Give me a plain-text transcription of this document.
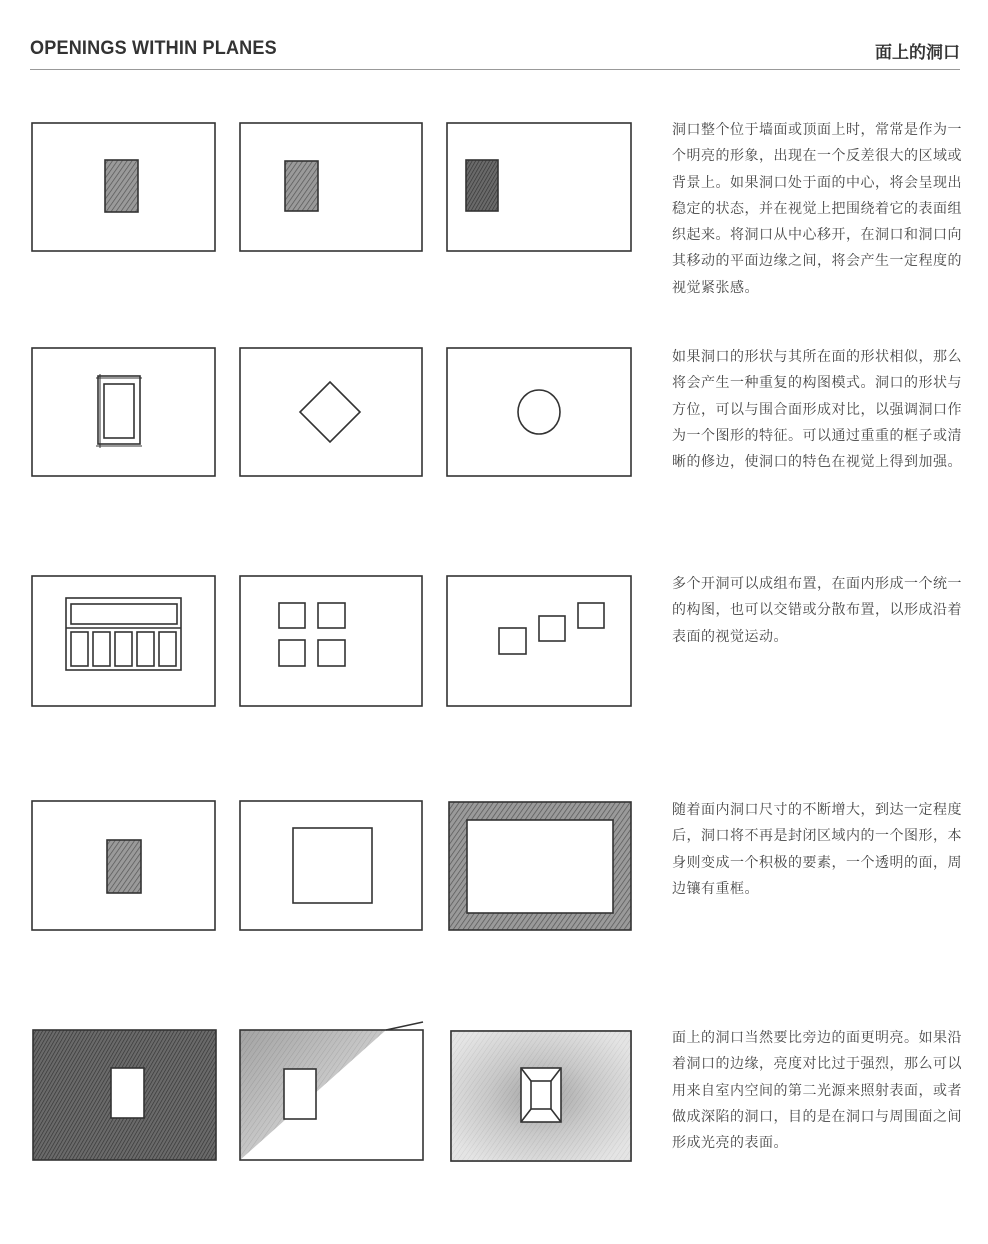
OPENINGS WITHIN PLANES	面上的洞口

洞口整个位于墙面或顶面上时，常常是作为一个明亮的形象，出现在一个反差很大的区域或背景上。如果洞口处于面的中心，将会呈现出稳定的状态，并在视觉上把围绕着它的表面组织起来。将洞口从中心移开，在洞口和洞口向其移动的平面边缘之间，将会产生一定程度的视觉紧张感。

如果洞口的形状与其所在面的形状相似，那么将会产生一种重复的构图模式。洞口的形状与方位，可以与围合面形成对比，以强调洞口作为一个图形的特征。可以通过重重的框子或清晰的修边，使洞口的特色在视觉上得到加强。

多个开洞可以成组布置，在面内形成一个统一的构图，也可以交错或分散布置，以形成沿着表面的视觉运动。

随着面内洞口尺寸的不断增大，到达一定程度后，洞口将不再是封闭区域内的一个图形，本身则变成一个积极的要素，一个透明的面，周边镶有重框。

面上的洞口当然要比旁边的面更明亮。如果沿着洞口的边缘，亮度对比过于强烈，那么可以用来自室内空间的第二光源来照射表面，或者做成深陷的洞口，目的是在洞口与周围面之间形成光亮的表面。
